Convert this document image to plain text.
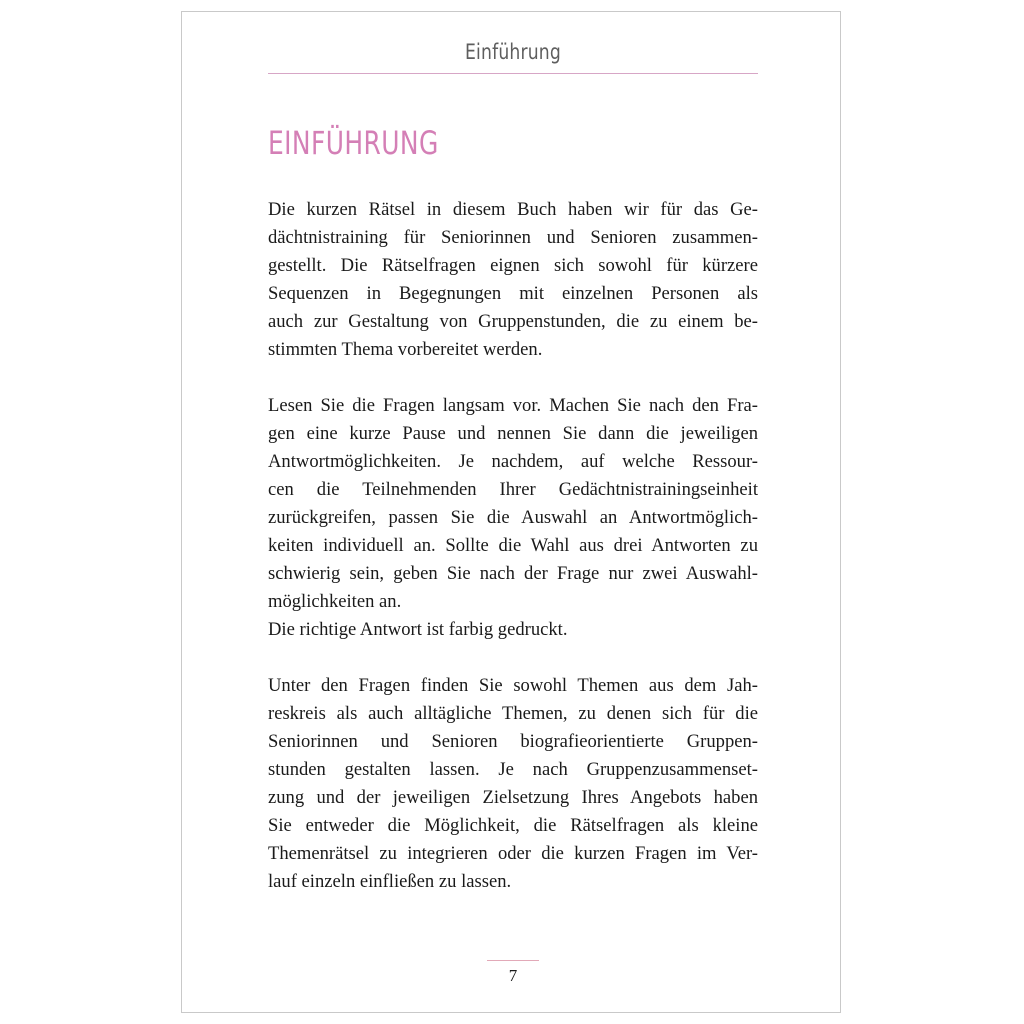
Einführung
EINFÜHRUNG
Die kurzen Rätsel in diesem Buch haben wir für das Ge-
dächtnistraining für Seniorinnen und Senioren zusammen-
gestellt. Die Rätselfragen eignen sich sowohl für kürzere
Sequenzen in Begegnungen mit einzelnen Personen als
auch zur Gestaltung von Gruppenstunden, die zu einem be-
stimmten Thema vorbereitet werden.
Lesen Sie die Fragen langsam vor. Machen Sie nach den Fra-
gen eine kurze Pause und nennen Sie dann die jeweiligen
Antwortmöglichkeiten. Je nachdem, auf welche Ressour-
cen die Teilnehmenden Ihrer Gedächtnistrainingseinheit
zurückgreifen, passen Sie die Auswahl an Antwortmöglich-
keiten individuell an. Sollte die Wahl aus drei Antworten zu
schwierig sein, geben Sie nach der Frage nur zwei Auswahl-
möglichkeiten an.
Die richtige Antwort ist farbig gedruckt.
Unter den Fragen finden Sie sowohl Themen aus dem Jah-
reskreis als auch alltägliche Themen, zu denen sich für die
Seniorinnen und Senioren biografieorientierte Gruppen-
stunden gestalten lassen. Je nach Gruppenzusammenset-
zung und der jeweiligen Zielsetzung Ihres Angebots haben
Sie entweder die Möglichkeit, die Rätselfragen als kleine
Themenrätsel zu integrieren oder die kurzen Fragen im Ver-
lauf einzeln einfließen zu lassen.
7
